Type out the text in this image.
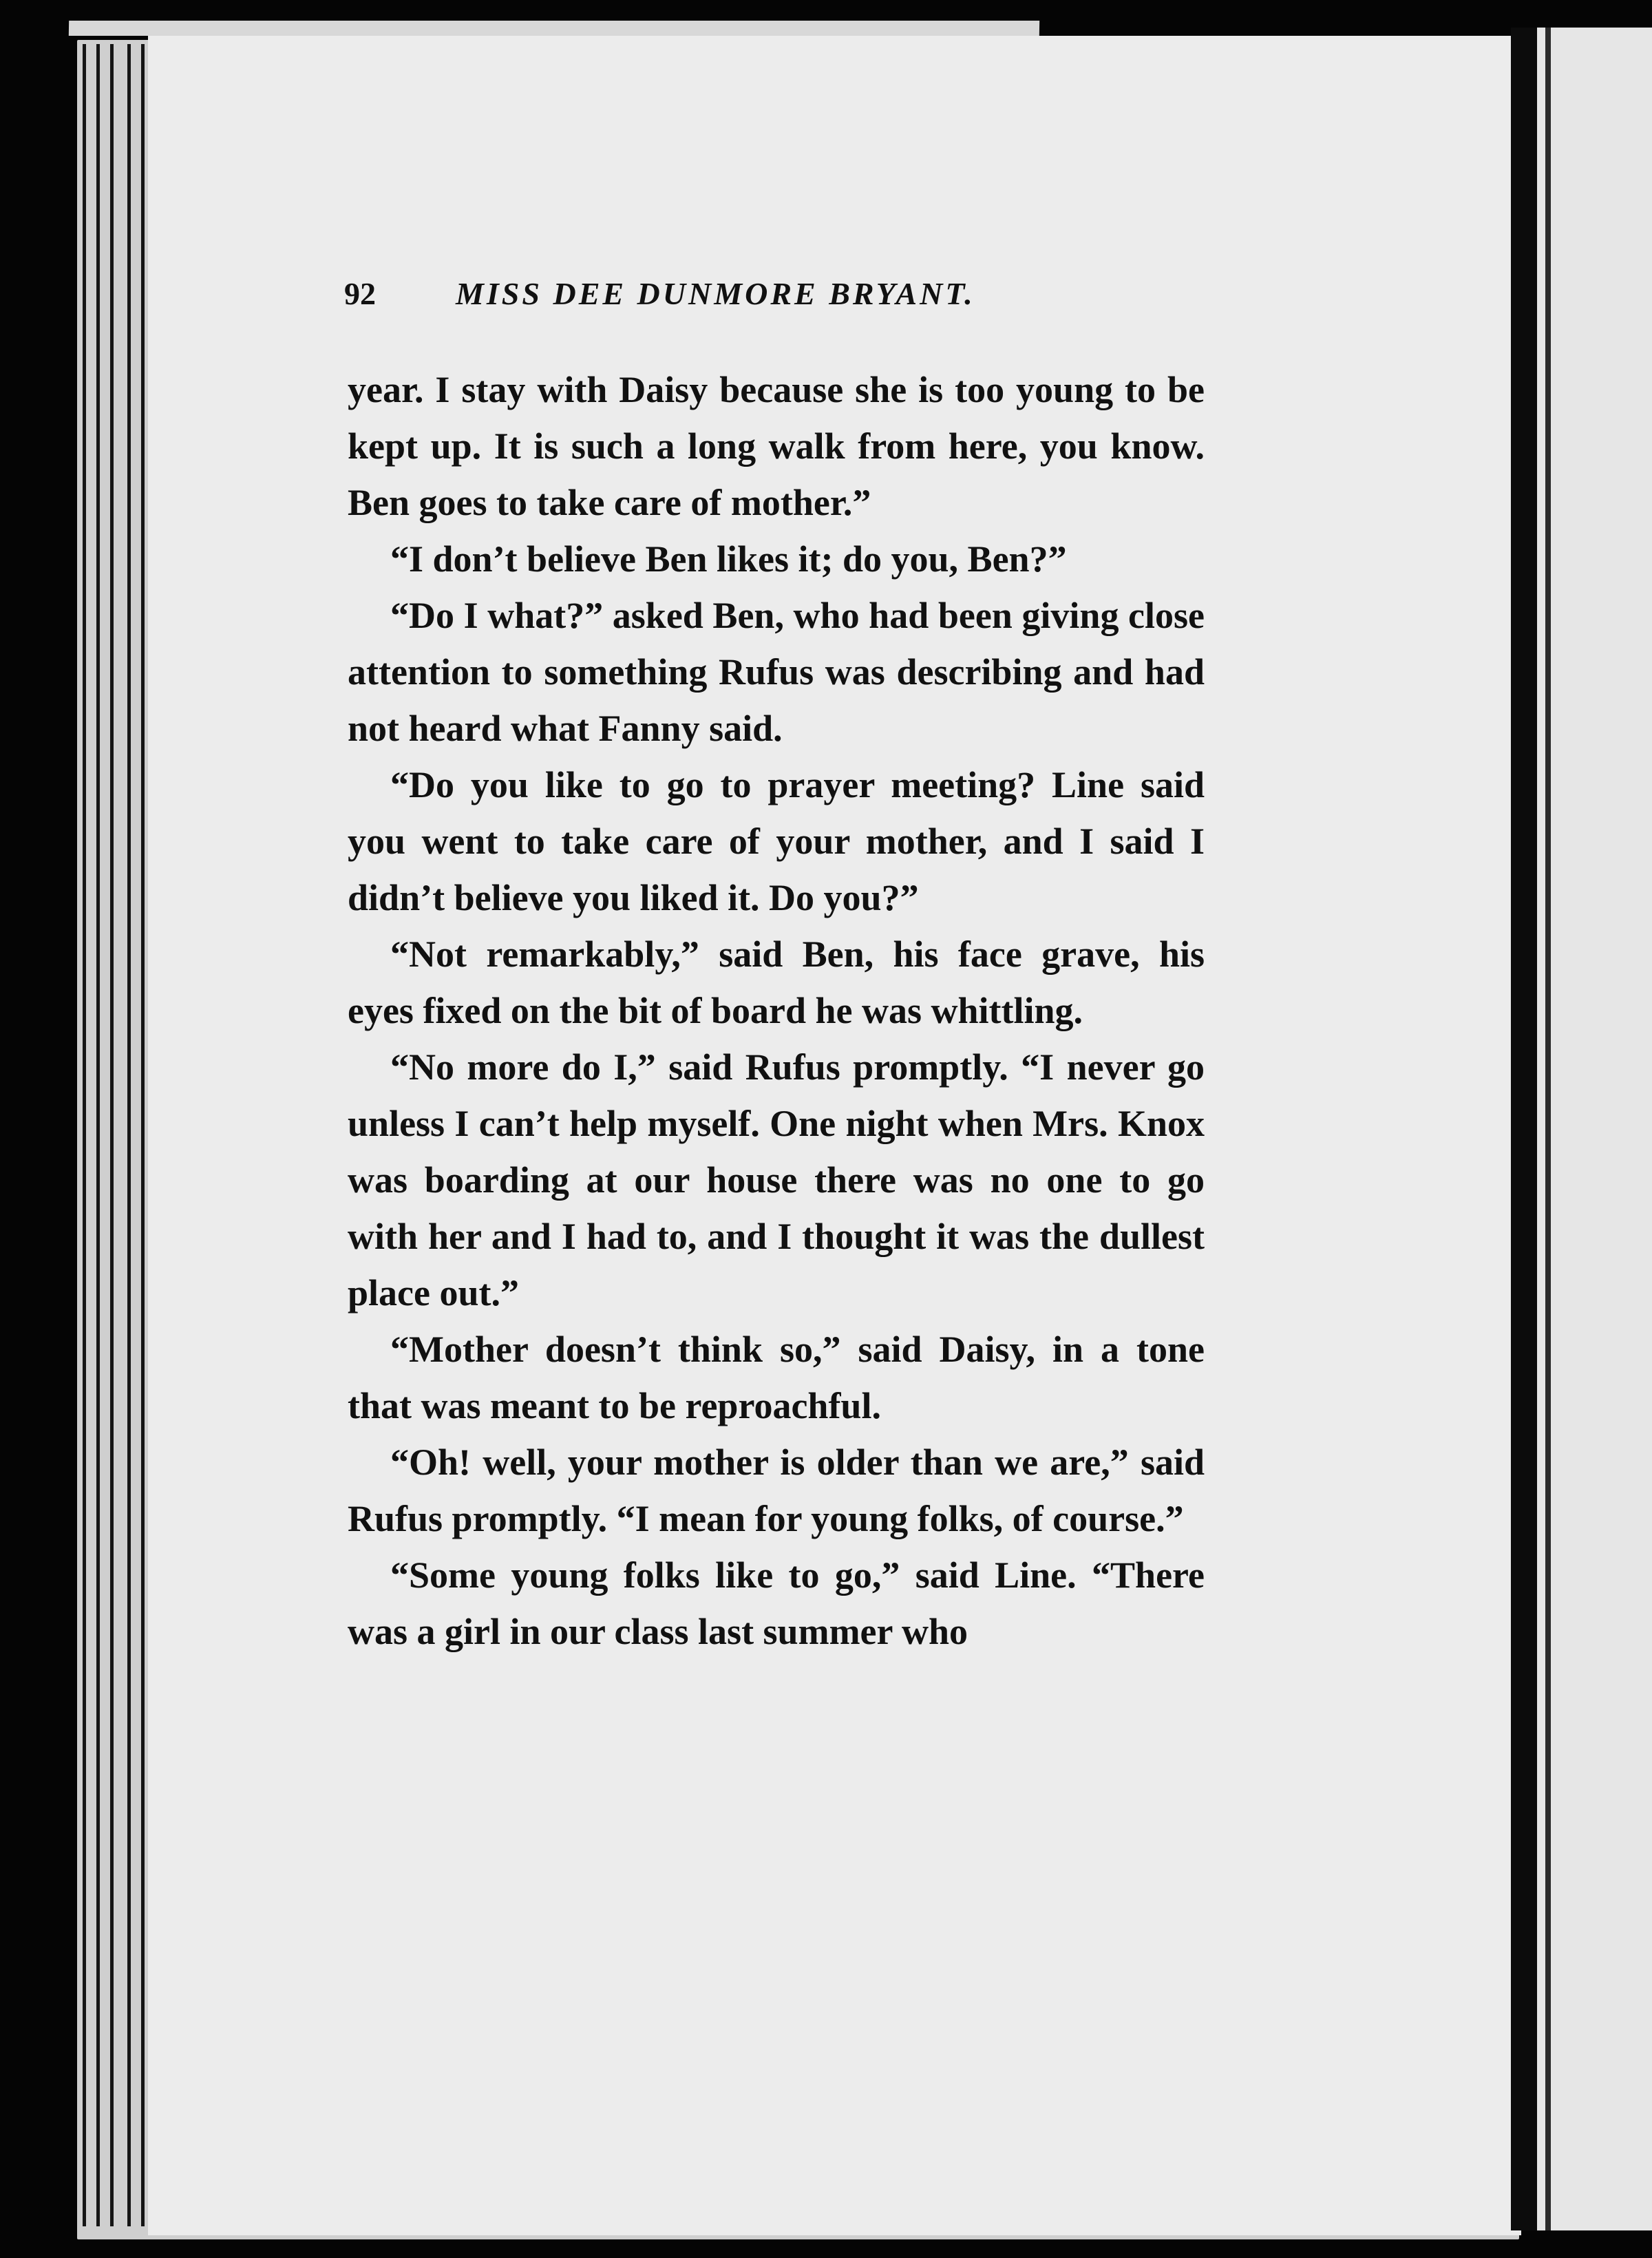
92	MISS DEE DUNMORE BRYANT.

year. I stay with Daisy because she is too young to be kept up. It is such a long walk from here, you know. Ben goes to take care of mother.”

“I don’t believe Ben likes it; do you, Ben?”

“Do I what?” asked Ben, who had been giving close attention to something Rufus was describing and had not heard what Fanny said.

“Do you like to go to prayer meeting? Line said you went to take care of your mother, and I said I didn’t believe you liked it. Do you?”

“Not remarkably,” said Ben, his face grave, his eyes fixed on the bit of board he was whittling.

“No more do I,” said Rufus promptly. “I never go unless I can’t help myself. One night when Mrs. Knox was boarding at our house there was no one to go with her and I had to, and I thought it was the dullest place out.”

“Mother doesn’t think so,” said Daisy, in a tone that was meant to be reproachful.

“Oh! well, your mother is older than we are,” said Rufus promptly. “I mean for young folks, of course.”

“Some young folks like to go,” said Line. “There was a girl in our class last summer who
